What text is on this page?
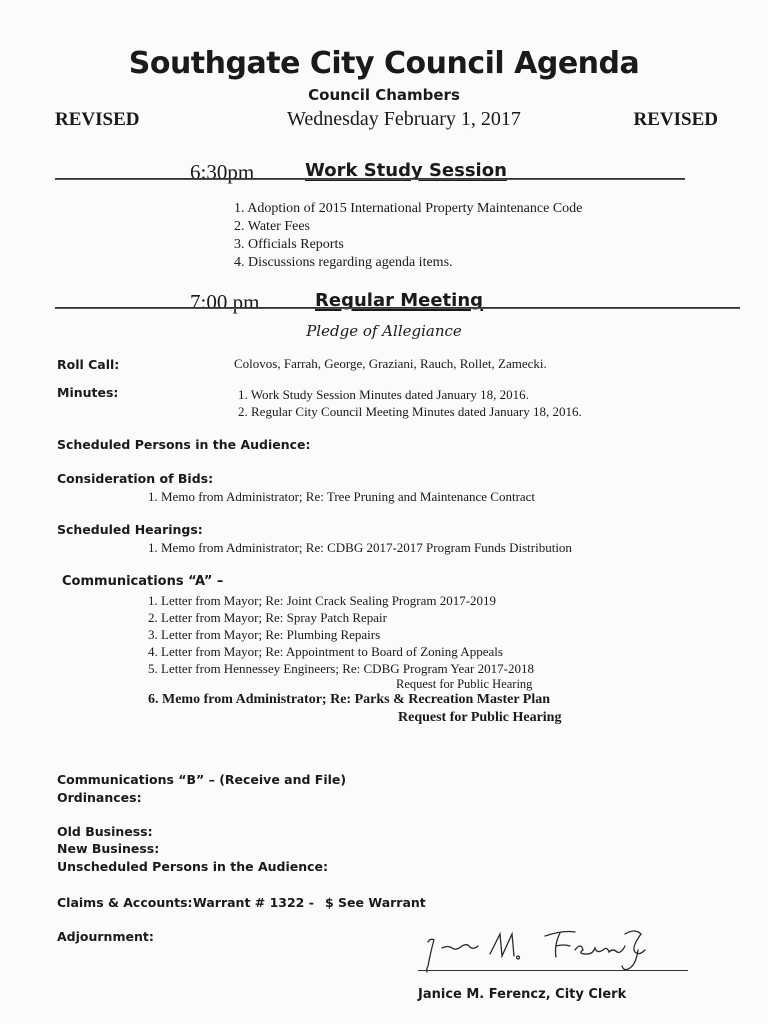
Southgate City Council Agenda
Council Chambers
Wednesday February 1, 2017
REVISED	REVISED
6:30pm	Work Study Session
1. Adoption of 2015 International Property Maintenance Code
2. Water Fees
3. Officials Reports
4. Discussions regarding agenda items.
7:00 pm	Regular Meeting
Pledge of Allegiance
Roll Call:	Colovos, Farrah, George, Graziani, Rauch, Rollet, Zamecki.
Minutes:	1. Work Study Session Minutes dated January 18, 2016.
2. Regular City Council Meeting Minutes dated January 18, 2016.
Scheduled Persons in the Audience:
Consideration of Bids:
1. Memo from Administrator; Re: Tree Pruning and Maintenance Contract
Scheduled Hearings:
1. Memo from Administrator; Re: CDBG 2017-2017 Program Funds Distribution
Communications “A” –
1. Letter from Mayor; Re: Joint Crack Sealing Program 2017-2019
2. Letter from Mayor; Re: Spray Patch Repair
3. Letter from Mayor; Re: Plumbing Repairs
4. Letter from Mayor; Re: Appointment to Board of Zoning Appeals
5. Letter from Hennessey Engineers; Re: CDBG Program Year 2017-2018
Request for Public Hearing
6. Memo from Administrator; Re: Parks & Recreation Master Plan
Request for Public Hearing
Communications “B” – (Receive and File)
Ordinances:
Old Business:
New Business:
Unscheduled Persons in the Audience:
Claims & Accounts: Warrant # 1322 - $ See Warrant
Adjournment:
Janice M. Ferencz, City Clerk
